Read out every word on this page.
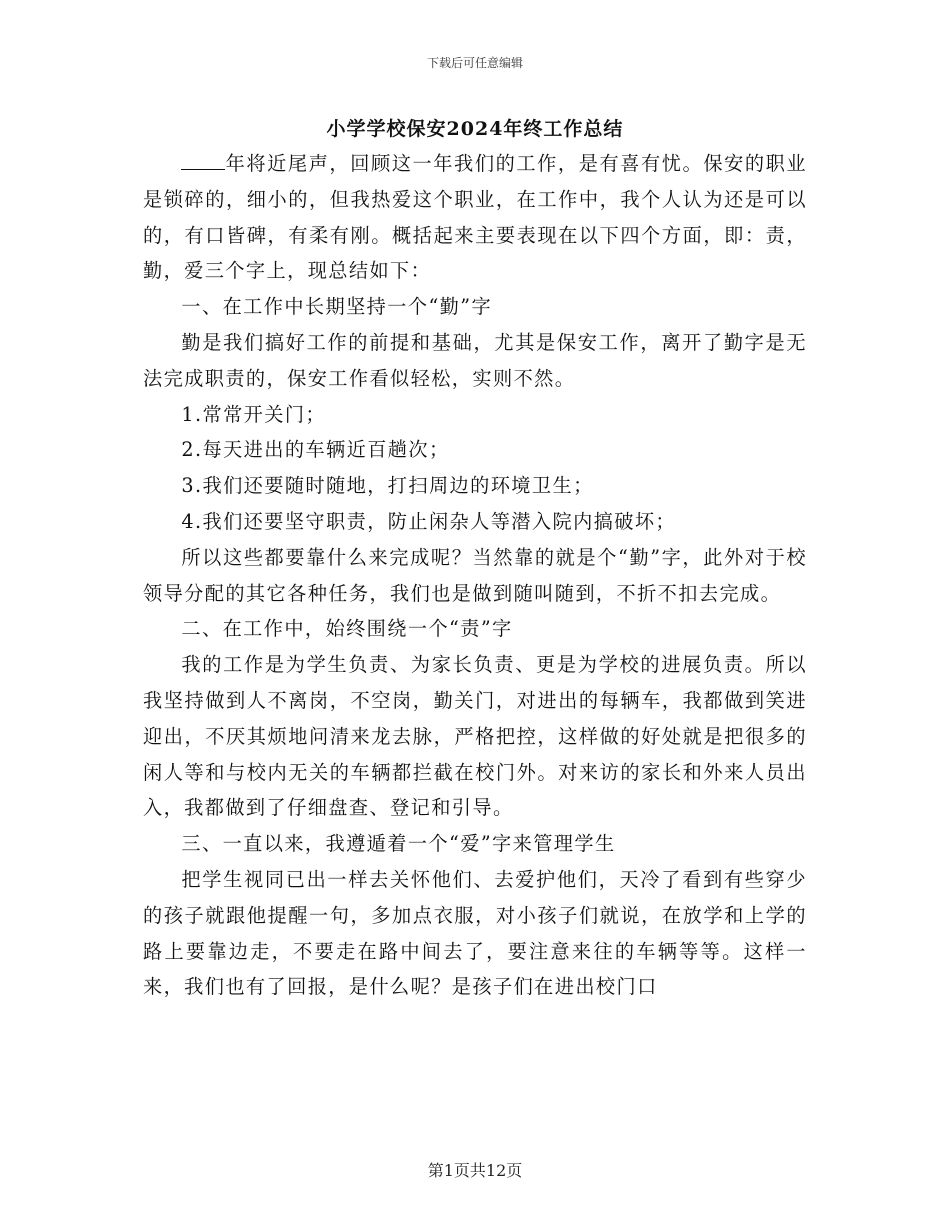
下载后可任意编辑
小学学校保安2024年终工作总结

年将近尾声，回顾这一年我们的工作，是有喜有忧。保安的职业是锁碎的，细小的，但我热爱这个职业，在工作中，我个人认为还是可以的，有口皆碑，有柔有刚。概括起来主要表现在以下四个方面，即：责，勤，爱三个字上，现总结如下：

一、在工作中长期坚持一个“勤”字

勤是我们搞好工作的前提和基础，尤其是保安工作，离开了勤字是无法完成职责的，保安工作看似轻松，实则不然。

1.常常开关门；

2.每天进出的车辆近百趟次；

3.我们还要随时随地，打扫周边的环境卫生；

4.我们还要坚守职责，防止闲杂人等潜入院内搞破坏；

所以这些都要靠什么来完成呢？当然靠的就是个“勤”字，此外对于校领导分配的其它各种任务，我们也是做到随叫随到，不折不扣去完成。

二、在工作中，始终围绕一个“责”字

我的工作是为学生负责、为家长负责、更是为学校的进展负责。所以我坚持做到人不离岗，不空岗，勤关门，对进出的每辆车，我都做到笑进迎出，不厌其烦地问清来龙去脉，严格把控，这样做的好处就是把很多的闲人等和与校内无关的车辆都拦截在校门外。对来访的家长和外来人员出入，我都做到了仔细盘查、登记和引导。

三、一直以来，我遵遁着一个“爱”字来管理学生

把学生视同已出一样去关怀他们、去爱护他们，天冷了看到有些穿少的孩子就跟他提醒一句，多加点衣服，对小孩子们就说，在放学和上学的路上要靠边走，不要走在路中间去了，要注意来往的车辆等等。这样一来，我们也有了回报，是什么呢？是孩子们在进出校门口

第1页共12页
